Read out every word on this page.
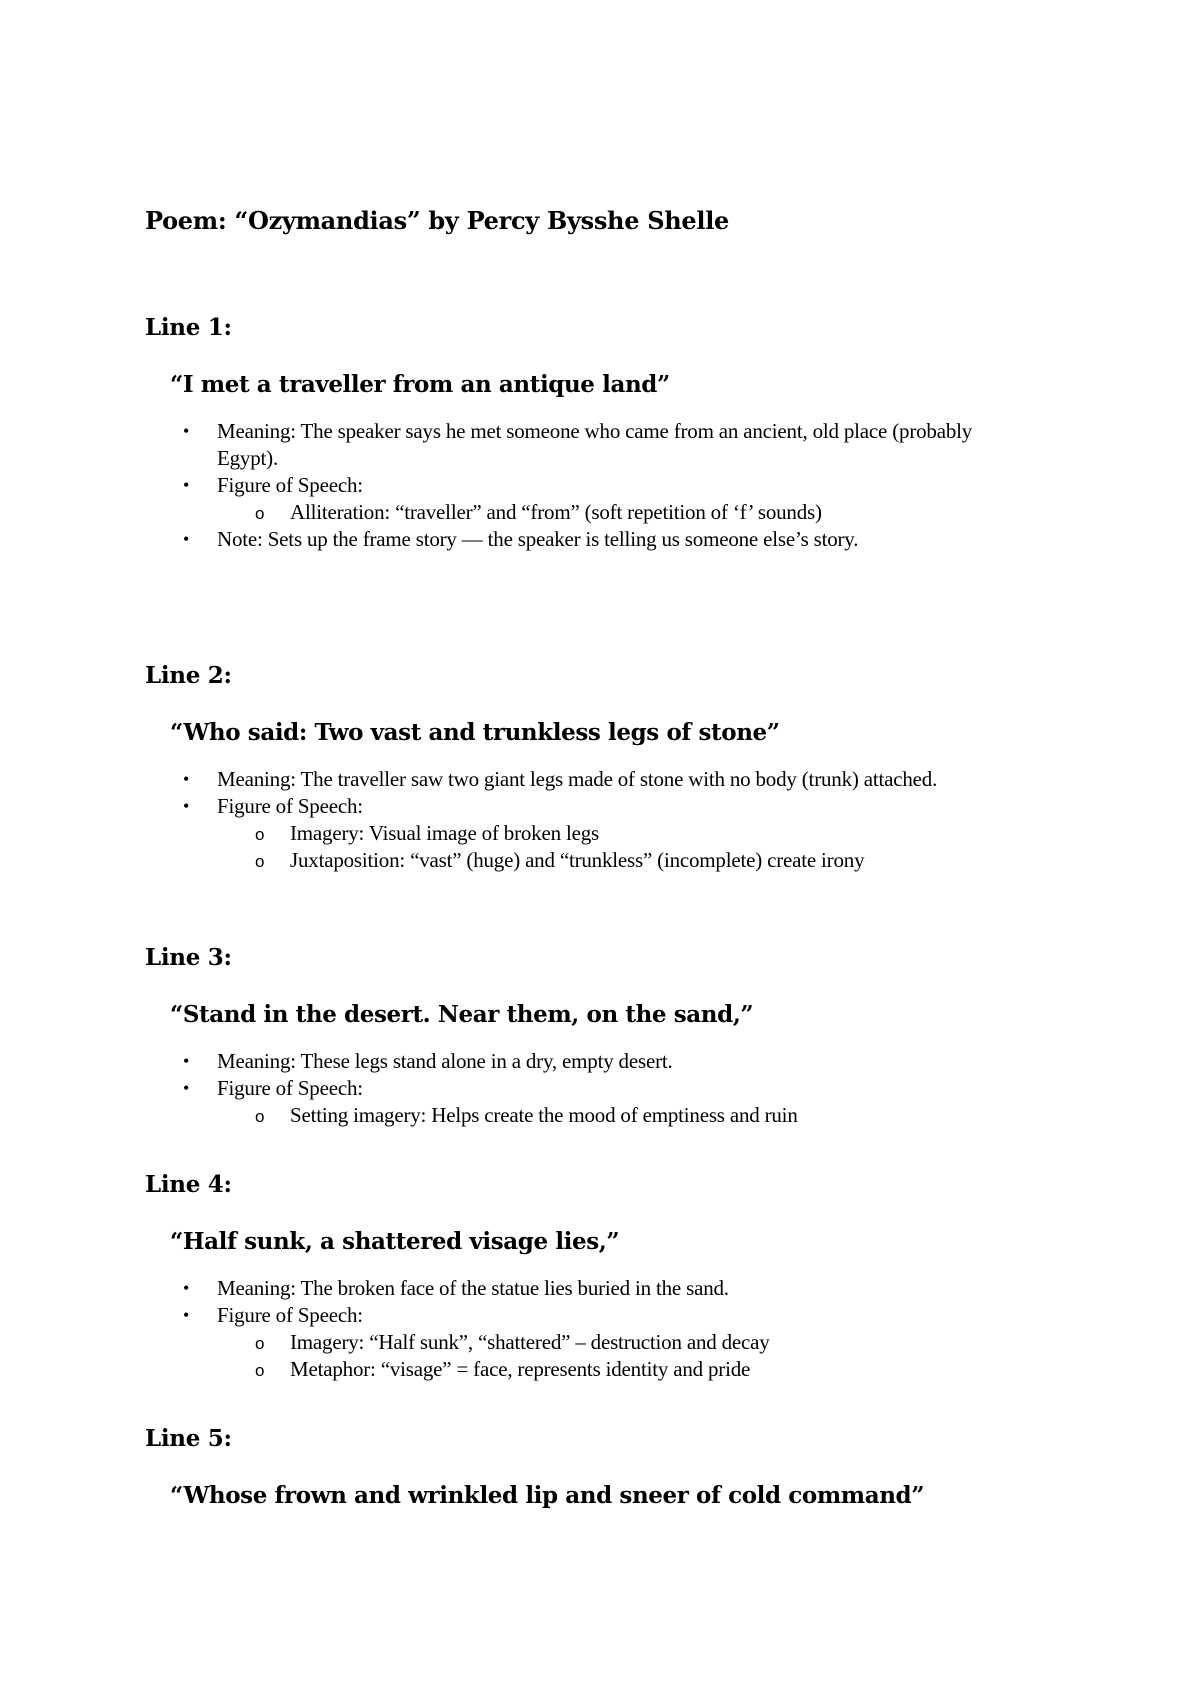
Poem: “Ozymandias” by Percy Bysshe Shelle
Line 1:

“I met a traveller from an antique land”

• Meaning: The speaker says he met someone who came from an ancient, old place (probably Egypt).
• Figure of Speech:
o Alliteration: “traveller” and “from” (soft repetition of ‘f’ sounds)
• Note: Sets up the frame story — the speaker is telling us someone else’s story.
Line 2:

“Who said: Two vast and trunkless legs of stone”

• Meaning: The traveller saw two giant legs made of stone with no body (trunk) attached.
• Figure of Speech:
o Imagery: Visual image of broken legs
o Juxtaposition: “vast” (huge) and “trunkless” (incomplete) create irony
Line 3:

“Stand in the desert. Near them, on the sand,”

• Meaning: These legs stand alone in a dry, empty desert.
• Figure of Speech:
o Setting imagery: Helps create the mood of emptiness and ruin
Line 4:

“Half sunk, a shattered visage lies,”

• Meaning: The broken face of the statue lies buried in the sand.
• Figure of Speech:
o Imagery: “Half sunk”, “shattered” – destruction and decay
o Metaphor: “visage” = face, represents identity and pride
Line 5:

“Whose frown and wrinkled lip and sneer of cold command”
